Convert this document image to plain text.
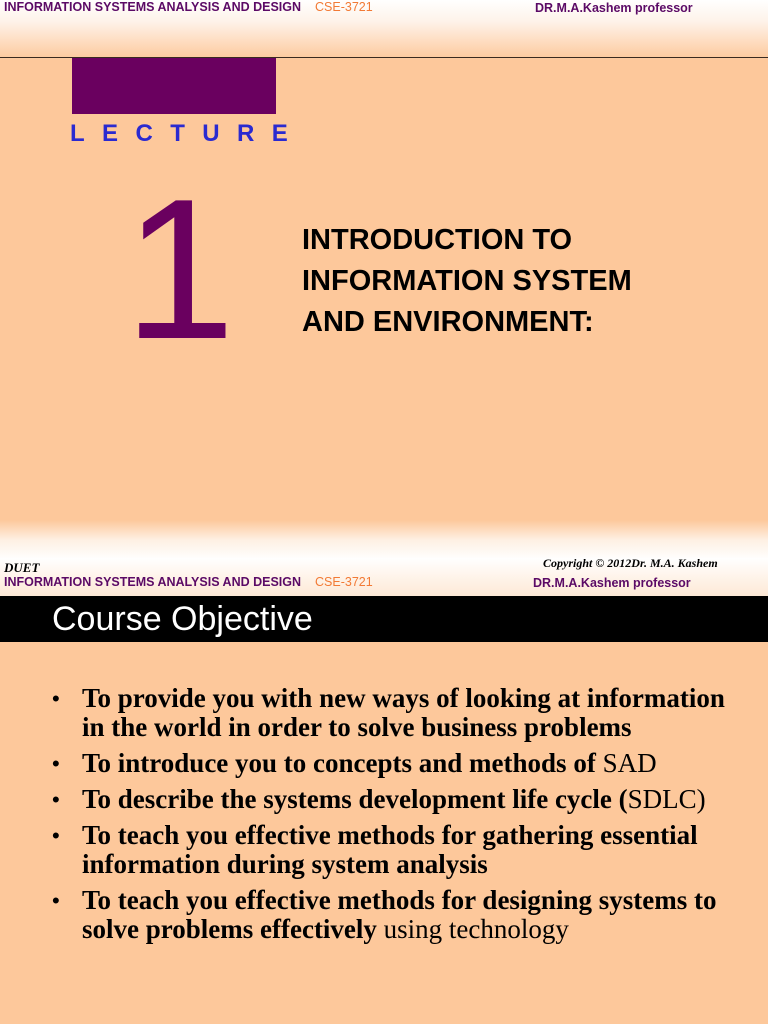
INFORMATION SYSTEMS ANALYSIS AND DESIGN CSE-3721	DR.M.A.Kashem professor
LECTURE
1 INTRODUCTION TO
INFORMATION SYSTEM
AND ENVIRONMENT:
DUET	Copyright © 2012Dr. M.A. Kashem
INFORMATION SYSTEMS ANALYSIS AND DESIGN CSE-3721	DR.M.A.Kashem professor
Course Objective
• To provide you with new ways of looking at information in the world in order to solve business problems
• To introduce you to concepts and methods of SAD
• To describe the systems development life cycle (SDLC)
• To teach you effective methods for gathering essential information during system analysis
• To teach you effective methods for designing systems to solve problems effectively using technology
